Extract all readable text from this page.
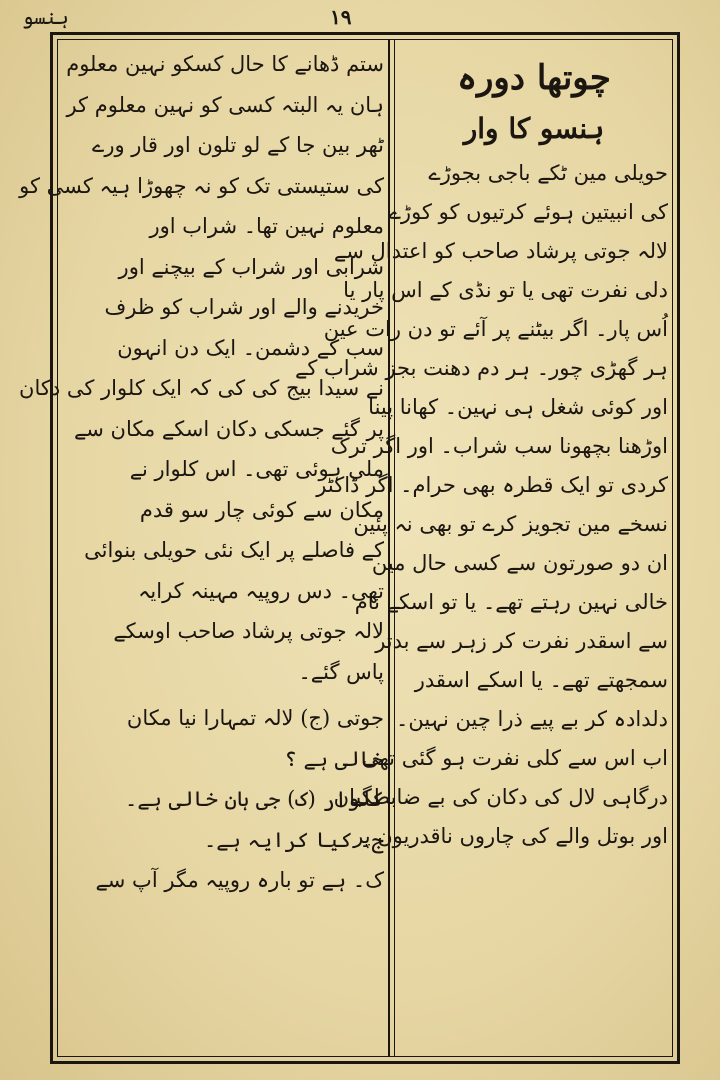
ہنسو	۱۹
چوتھا دورہ
ہنسو کا وار
حویلی مین ٹکے باجی بجوڑے
کی انبیتین ہوئے کرتیوں کو کوڑے
لالہ جوتی پرشاد صاحب کو اعتدال سے
دلی نفرت تھی یا تو نڈی کے اس پار یا
اُس پار۔ اگر بیٹنے پر آئے تو دن رات عین
ہر گھڑی چور۔ ہر دم دھنت بجز شراب کے
اور کوئی شغل ہی نہین۔ کھانا پینا
اوڑھنا بچھونا سب شراب۔ اور اگر ترک
کردی تو ایک قطرہ بھی حرام۔ اگر ڈاکٹر
نسخے مین تجویز کرے تو بھی نہ پئین
ان دو صورتون سے کسی حال مین
خالی نہین رہتے تھے۔ یا تو اسکے نام
سے اسقدر نفرت کر زہر سے بدتر
سمجھتے تھے۔ یا اسکے اسقدر
دلدادہ کر بے پیے ذرا چین نہین۔
اب اس سے کلی نفرت ہو گئی تھی
درگاہی لال کی دکان کی بے ضابطگیان
اور بوتل والے کی چاروں ناقدریون پر
ستم ڈھانے کا حال کسکو نہین معلوم
ہان یہ البتہ کسی کو نہین معلوم کر
ٹھر بین جا کے لو تلون اور قار ورے
کی ستیستی تک کو نہ چھوڑا ہیہ کسی کو
معلوم نہین تھا۔ شراب اور
شرابی اور شراب کے بیچنے اور
خریدنے والے اور شراب کو ظرف
سب کے دشمن۔ ایک دن انہون
نے سیدا بیج کی کی کہ ایک کلوار کی دکان
پر گئے جسکی دکان اسکے مکان سے
ملی ہوئی تھی۔ اس کلوار نے
مکان سے کوئی چار سو قدم
کے فاصلے پر ایک نئی حویلی بنوائی
تھی۔ دس روپیہ مہینہ کرایہ
لالہ جوتی پرشاد صاحب اوسکے
پاس گئے۔
جوتی (ج) لالہ تمہارا نیا مکان
خالی ہے ؟
کلوار (ک) جی ہان خالی ہے۔
ج۔ کیا کرایہ ہے۔
ک۔ ہے تو بارہ روپیہ مگر آپ سے
